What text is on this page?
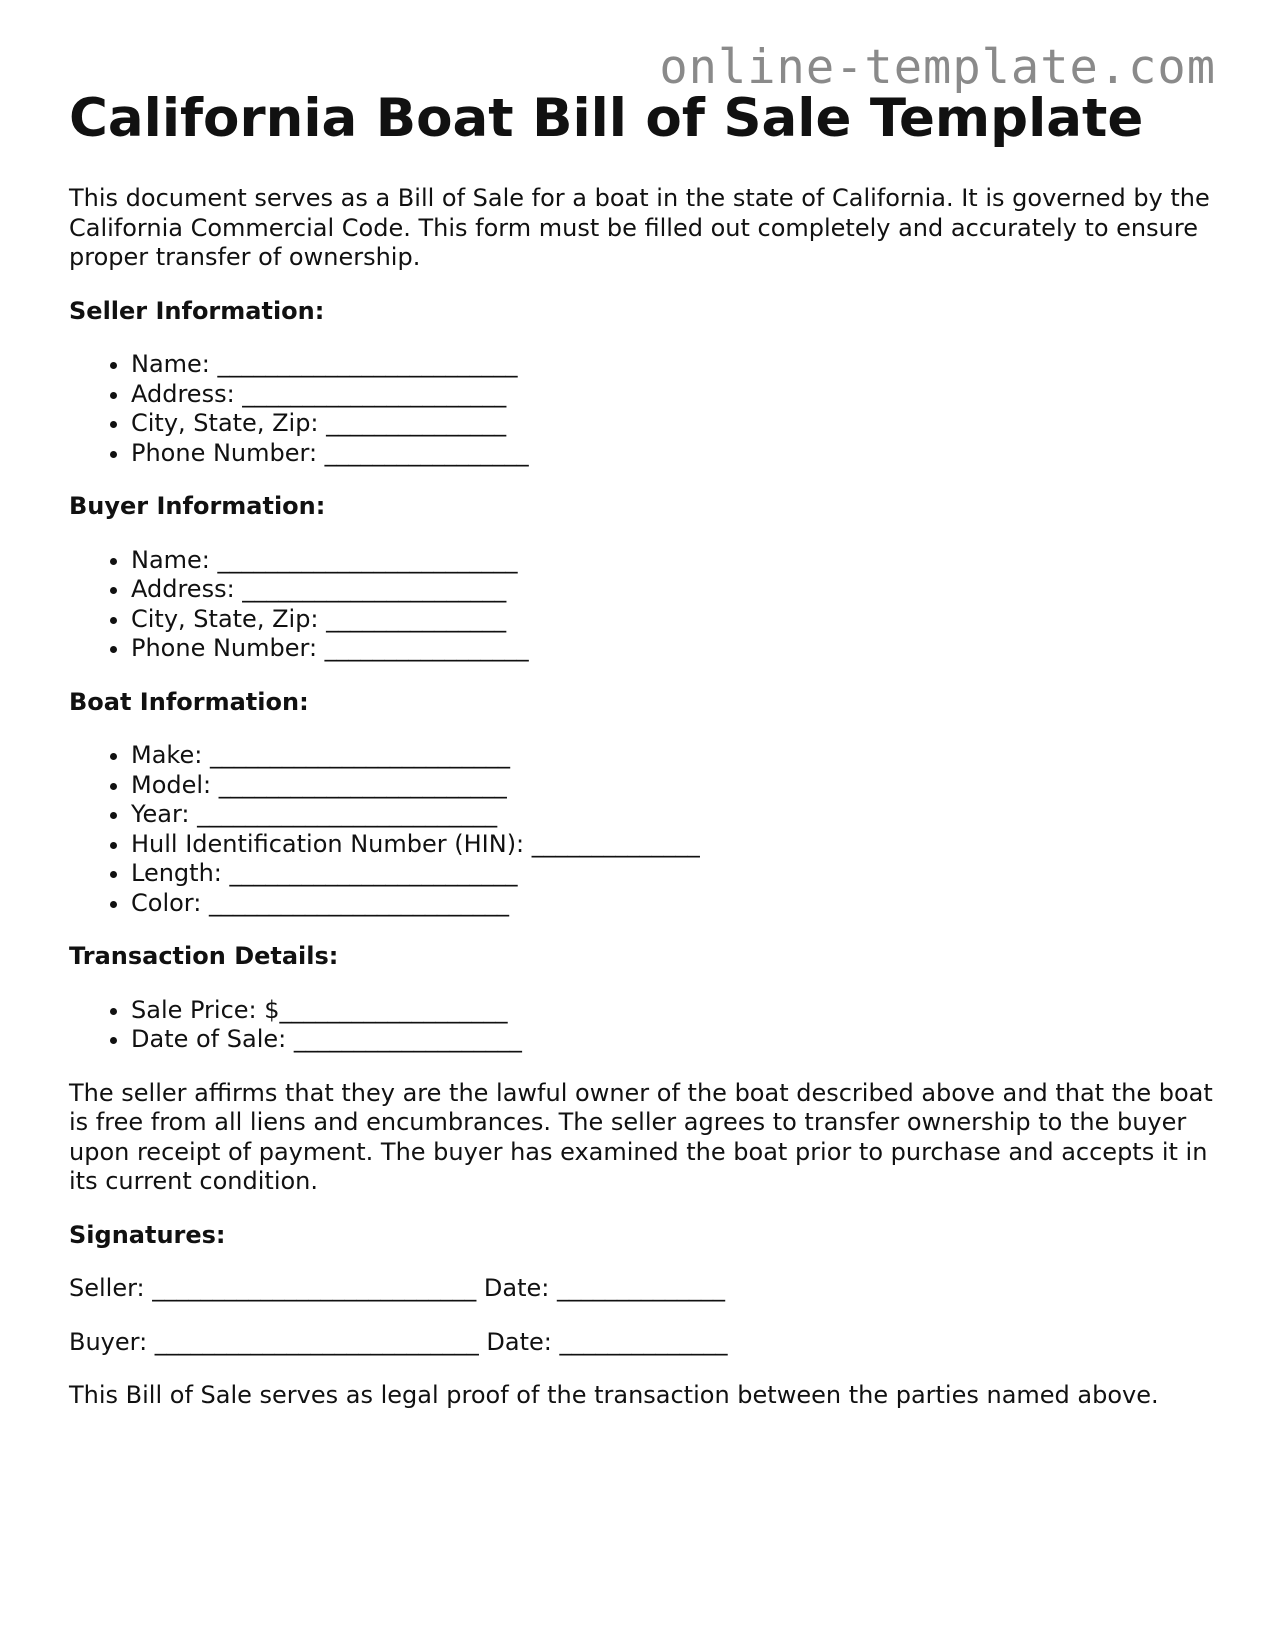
online-template.com
California Boat Bill of Sale Template

This document serves as a Bill of Sale for a boat in the state of California. It is governed by the California Commercial Code. This form must be filled out completely and accurately to ensure proper transfer of ownership.

Seller Information:
• Name: _________________________
• Address: ______________________
• City, State, Zip: _______________
• Phone Number: _________________
Buyer Information:
• Name: _________________________
• Address: ______________________
• City, State, Zip: _______________
• Phone Number: _________________
Boat Information:
• Make: _________________________
• Model: ________________________
• Year: _________________________
• Hull Identification Number (HIN): ______________
• Length: ________________________
• Color: _________________________
Transaction Details:
• Sale Price: $___________________
• Date of Sale: ___________________

The seller affirms that they are the lawful owner of the boat described above and that the boat is free from all liens and encumbrances. The seller agrees to transfer ownership to the buyer upon receipt of payment. The buyer has examined the boat prior to purchase and accepts it in its current condition.

Signatures:
Seller: ___________________________ Date: ______________
Buyer: ___________________________ Date: ______________

This Bill of Sale serves as legal proof of the transaction between the parties named above.
